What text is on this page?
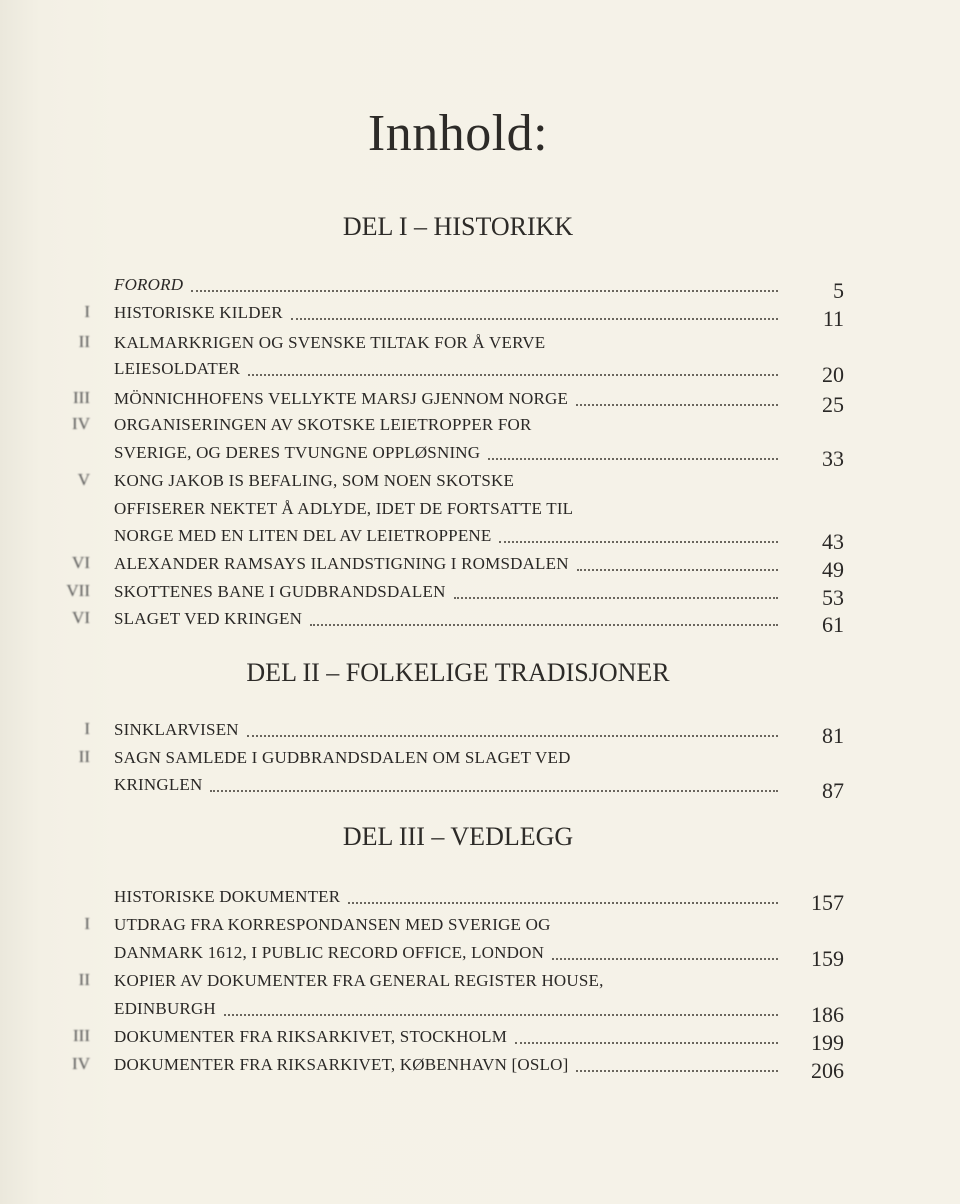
Innhold:
DEL I – HISTORIKK
DEL II – FOLKELIGE TRADISJONER
DEL III – VEDLEGG
FORORD	5
I HISTORISKE KILDER	11
II KALMARKRIGEN OG SVENSKE TILTAK FOR Å VERVE
LEIESOLDATER	20
III MÖNNICHHOFENS VELLYKTE MARSJ GJENNOM NORGE	25
IV ORGANISERINGEN AV SKOTSKE LEIETROPPER FOR
SVERIGE, OG DERES TVUNGNE OPPLØSNING	33
V KONG JAKOB IS BEFALING, SOM NOEN SKOTSKE
OFFISERER NEKTET Å ADLYDE, IDET DE FORTSATTE TIL
NORGE MED EN LITEN DEL AV LEIETROPPENE	43
VI ALEXANDER RAMSAYS ILANDSTIGNING I ROMSDALEN	49
VII SKOTTENES BANE I GUDBRANDSDALEN	53
VI SLAGET VED KRINGEN	61
I SINKLARVISEN	81
II SAGN SAMLEDE I GUDBRANDSDALEN OM SLAGET VED
KRINGLEN	87
HISTORISKE DOKUMENTER	157
I UTDRAG FRA KORRESPONDANSEN MED SVERIGE OG
DANMARK 1612, I PUBLIC RECORD OFFICE, LONDON	159
II KOPIER AV DOKUMENTER FRA GENERAL REGISTER HOUSE,
EDINBURGH	186
III DOKUMENTER FRA RIKSARKIVET, STOCKHOLM	199
IV DOKUMENTER FRA RIKSARKIVET, KØBENHAVN [OSLO]	206
